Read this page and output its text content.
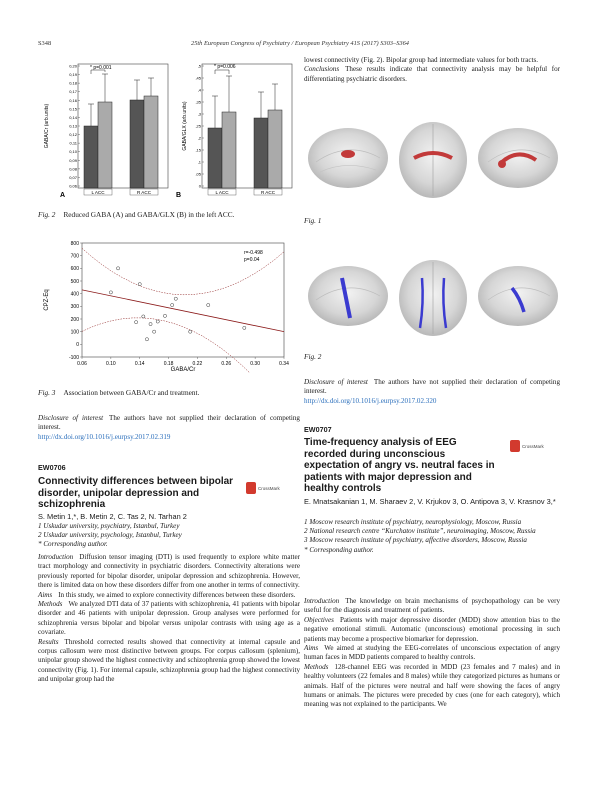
S348	25th European Congress of Psychiatry / European Psychiatry 41S (2017) S303–S364
A
GABA/Cr (arb.units)
0,20
0,19
0,18
0,17
0,16
0,15
0,14
0,13
0,12
0,11
0,10
0,09
0,08
0,07
0,06
* p=0.001
L ACC	R ACC	B
GABA/GLX (arb.units)
,5
,45
,4
,35
,3
,25
,2
,15
,1
,05
0
* p=0.006
L ACC	R ACC
Fig. 2 Reduced GABA (A) and GABA/GLX (B) in the left ACC.
CPZ-Eq
800
700
600
500
400
300
200
100
0
-100
0.06	0.10	0.14	0.18	0.22	0.26	0.30	0.34
r=-0.498
p=0.04
GABA/Cr
Fig. 3 Association between GABA/Cr and treatment.

Disclosure of interest The authors have not supplied their declaration of competing interest.

http://dx.doi.org/10.1016/j.eurpsy.2017.02.319

EW0706
Connectivity differences between bipolar disorder, unipolar depression and schizophrenia
CrossMark
S. Metin 1,*, B. Metin 2, C. Tas 2, N. Tarhan 2
1 Uskudar university, psychiatry, Istanbul, Turkey
2 Uskudar university, psychology, Istanbul, Turkey
* Corresponding author.

Introduction Diffusion tensor imaging (DTI) is used frequently to explore white matter tract morphology and connectivity in psychiatric disorders. Connectivity alterations were previously reported for bipolar disorder, unipolar depression and schizophrenia. However, there is limited data on how these disorders differ from one another in terms of connectivity.

Aims In this study, we aimed to explore connectivity differences between these disorders.

Methods We analyzed DTI data of 37 patients with schizophrenia, 41 patients with bipolar disorder and 46 patients with unipolar depression. Group analyses were performed for schizophrenia versus bipolar and bipolar versus unipolar contrasts with using age as a covariate.

Results Threshold corrected results showed that connectivity at internal capsule and corpus callosum were most distinctive between groups. For corpus callosum (splenium), unipolar group showed the highest connectivity and schizophrenia group showed the lowest connectivity (Fig. 1). For internal capsule, schizophrenia group had the highest connectivity and unipolar group had the

lowest connectivity (Fig. 2). Bipolar group had intermediate values for both tracts.

Conclusions These results indicate that connectivity analysis may be helpful for differentiating psychiatric disorders.

Fig. 1
Fig. 2

Disclosure of interest The authors have not supplied their declaration of competing interest.

http://dx.doi.org/10.1016/j.eurpsy.2017.02.320

EW0707
Time-frequency analysis of EEG recorded during unconscious expectation of angry vs. neutral faces in patients with major depression and healthy controls
CrossMark
E. Mnatsakanian 1, M. Sharaev 2, V. Krjukov 3, O. Antipova 3, V. Krasnov 3,*
1 Moscow research institute of psychiatry, neurophysiology, Moscow, Russia
2 National research centre “Kurchatov institute”, neuroimaging, Moscow, Russia
3 Moscow research institute of psychiatry, affective disorders, Moscow, Russia
* Corresponding author.

Introduction The knowledge on brain mechanisms of psychopathology can be very useful for the diagnosis and treatment of patients.

Objectives Patients with major depressive disorder (MDD) show attention bias to the negative emotional stimuli. Automatic (unconscious) emotional processing in such patients may become a prospective biomarker for depression.

Aims We aimed at studying the EEG-correlates of unconscious expectation of angry human faces in MDD patients compared to healthy controls.

Methods 128-channel EEG was recorded in MDD (23 females and 7 males) and in healthy volunteers (22 females and 8 males) while they categorized pictures as humans or animals. Half of the pictures were neutral and half were showing the faces of angry humans or animals. The pictures were preceded by cues (one for each category), which meaning was not explained to the participants. We
